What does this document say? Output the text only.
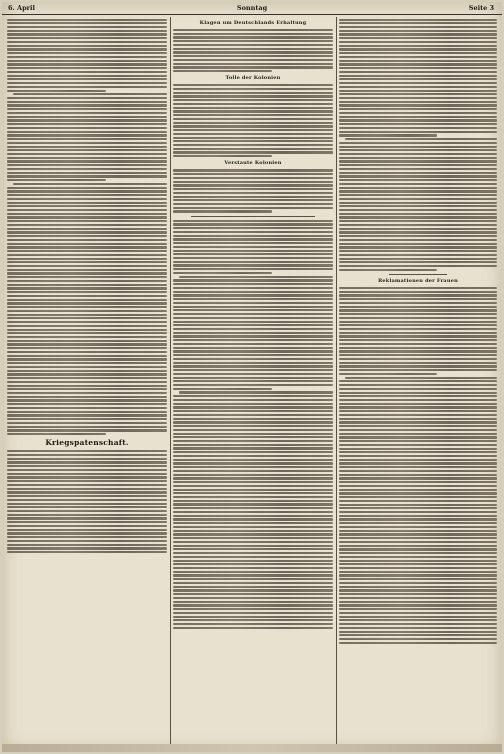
6. April	Sonntag	Seite 3
Kriegspatenschaft.
Klagen um Deutschlands Erhaltung
Tolle der Kolonien
Verstaute Kolonien
Reklamationen der Frauen
